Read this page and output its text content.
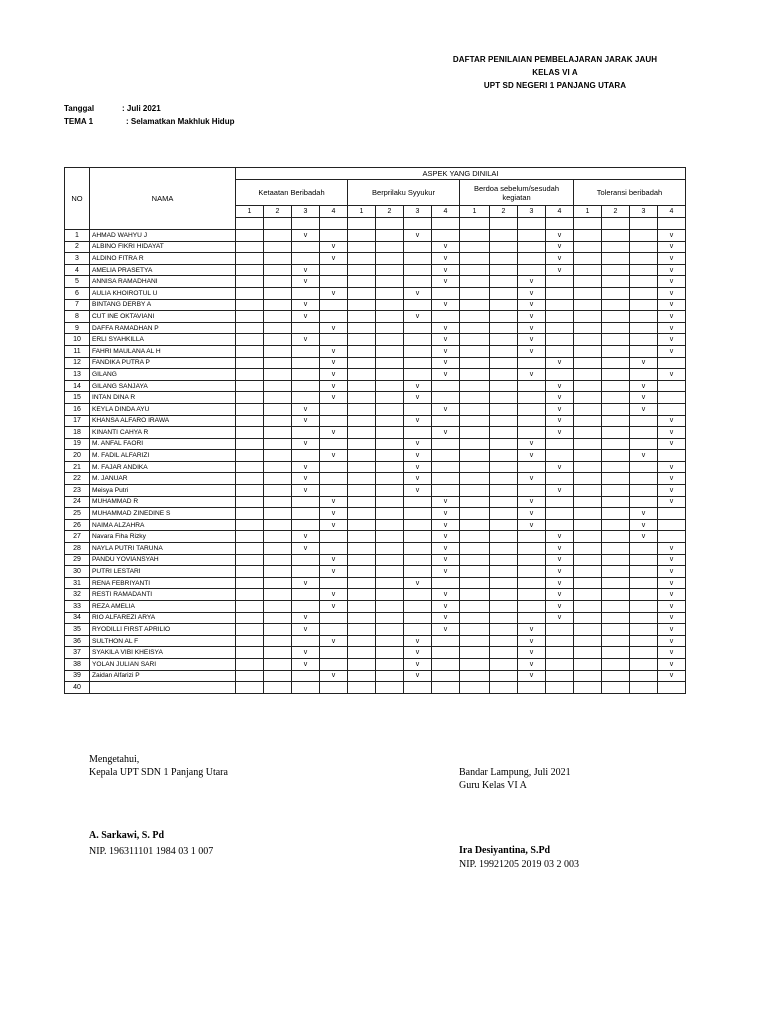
DAFTAR PENILAIAN PEMBELAJARAN JARAK JAUH
KELAS VI A
UPT SD NEGERI 1 PANJANG UTARA
Tanggal	: Juli 2021
TEMA 1	: Selamatkan Makhluk Hidup
NO	NAMA	ASPEK YANG DINILAI															
		Ketaatan Beribadah				Berprilaku Syyukur				Berdoa sebelum/sesudah kegiatan				Toleransi beribadah			
		1	2	3	4	1	2	3	4	1	2	3	4	1	2	3	4

1	AHMAD WAHYU J			v				v					v				v
2	ALBINO FIKRI HIDAYAT				v				v				v				v
3	ALDINO FITRA R				v				v				v				v
4	AMELIA PRASETYA			v					v				v				v
5	ANNISA RAMADHANI			v					v			v					v
6	AULIA KHOIROTUL U				v			v				v					v
7	BINTANG DERBY A			v					v			v					v
8	CUT INE OKTAVIANI			v				v				v					v
9	DAFFA RAMADHAN P				v				v			v					v
10	ERLI SYAHKILLA			v					v			v					v
11	FAHRI MAULANA AL H				v				v			v					v
12	FANDIKA PUTRA P				v				v				v			v	
13	GILANG				v				v			v					v
14	GILANG SANJAYA				v			v					v			v	
15	INTAN DINA R				v			v					v			v	
16	KEYLA DINDA AYU			v					v				v			v	
17	KHANSA ALFARO IRAWA			v				v					v				v
18	KINANTI CAHYA R				v				v				v				v
19	M. ANFAL FAORI			v				v				v					v
20	M. FADIL ALFARIZI				v			v				v				v	
21	M. FAJAR ANDIKA			v				v					v				v
22	M. JANUAR			v				v				v					v
23	Meisya Putri			v				v					v				v
24	MUHAMMAD R				v				v			v					v
25	MUHAMMAD ZINEDINE S				v				v			v				v	
26	NAIMA ALZAHRA				v				v			v				v	
27	Navara Fiha Rizky			v					v				v			v	
28	NAYLA PUTRI TARUNA			v					v				v				v
29	PANDU YOVIANSYAH				v				v				v				v
30	PUTRI LESTARI				v				v				v				v
31	RENA FEBRIYANTI			v				v					v				v
32	RESTI RAMADANTI				v				v				v				v
33	REZA AMELIA				v				v				v				v
34	RIO ALFAREZI ARYA			v					v				v				v
35	RYODILLI FIRST APRILIO			v					v			v					v
36	SULTHON AL F				v			v				v					v
37	SYAKILA VIBI KHEISYA			v				v				v					v
38	YOLAN JULIAN SARI			v				v				v					v
39	Zaidan Alfarizi P				v			v				v					v
40																	
Mengetahui,
Kepala UPT SDN 1 Panjang Utara
A. Sarkawi, S. Pd
NIP. 196311101 1984 03 1 007
Bandar Lampung, Juli 2021
Guru Kelas VI A
Ira Desiyantina, S.Pd
NIP. 19921205 2019 03 2 003
